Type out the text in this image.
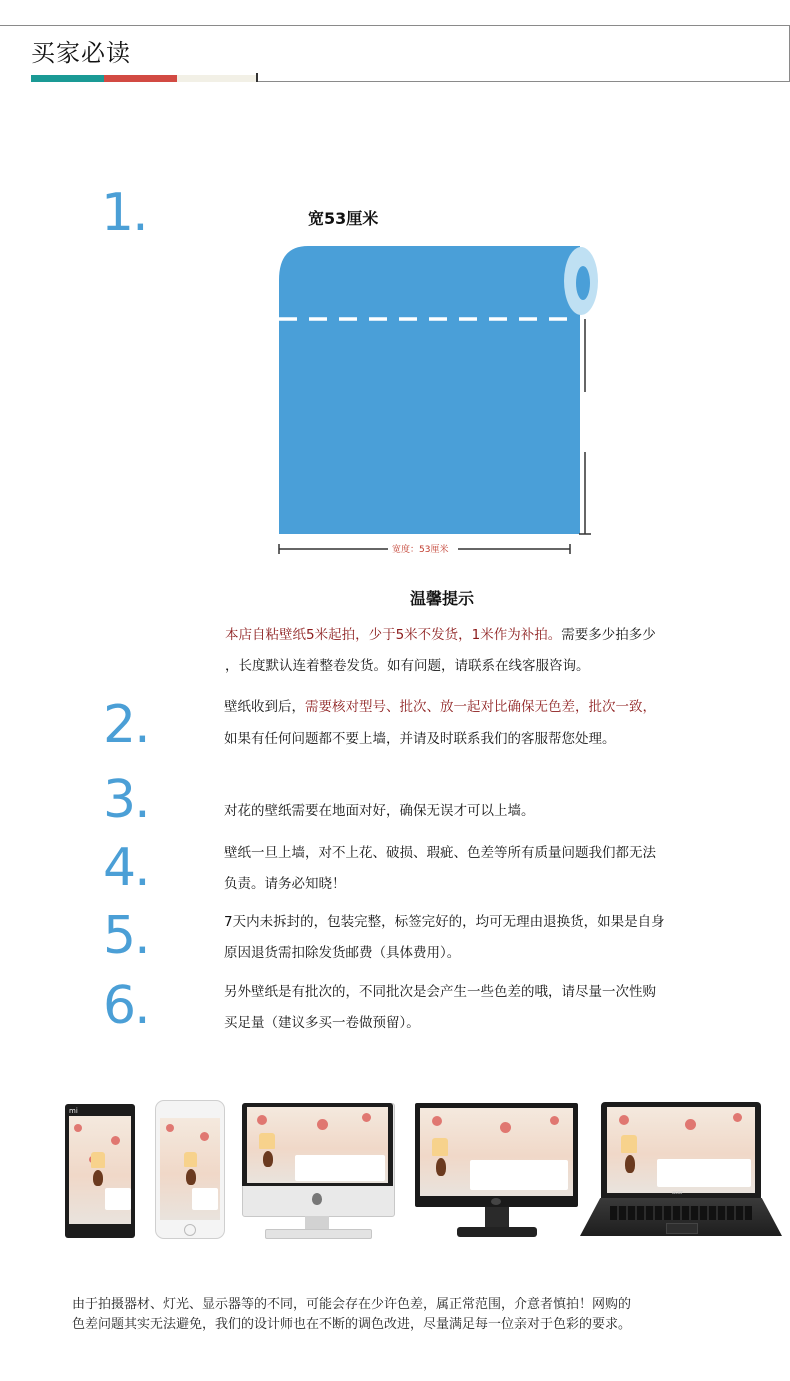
买家必读
1.	宽53厘米
宽度：53厘米
温馨提示
本店自粘壁纸5米起拍，少于5米不发货，1米作为补拍。需要多少拍多少
，长度默认连着整卷发货。如有问题，请联系在线客服咨询。
2.	壁纸收到后，需要核对型号、批次、放一起对比确保无色差，批次一致，
如果有任何问题都不要上墙，并请及时联系我们的客服帮您处理。
3.	对花的壁纸需要在地面对好，确保无误才可以上墙。
4.	壁纸一旦上墙，对不上花、破损、瑕疵、色差等所有质量问题我们都无法
负责。请务必知晓！
5.	7天内未拆封的，包装完整，标签完好的，均可无理由退换货，如果是自身
原因退货需扣除发货邮费（具体费用）。
6.	另外壁纸是有批次的，不同批次是会产生一些色差的哦，请尽量一次性购
买足量（建议多买一卷做预留）。
mi
acer
由于拍摄器材、灯光、显示器等的不同，可能会存在少许色差，属正常范围，介意者慎拍！网购的
色差问题其实无法避免，我们的设计师也在不断的调色改进，尽量满足每一位亲对于色彩的要求。
